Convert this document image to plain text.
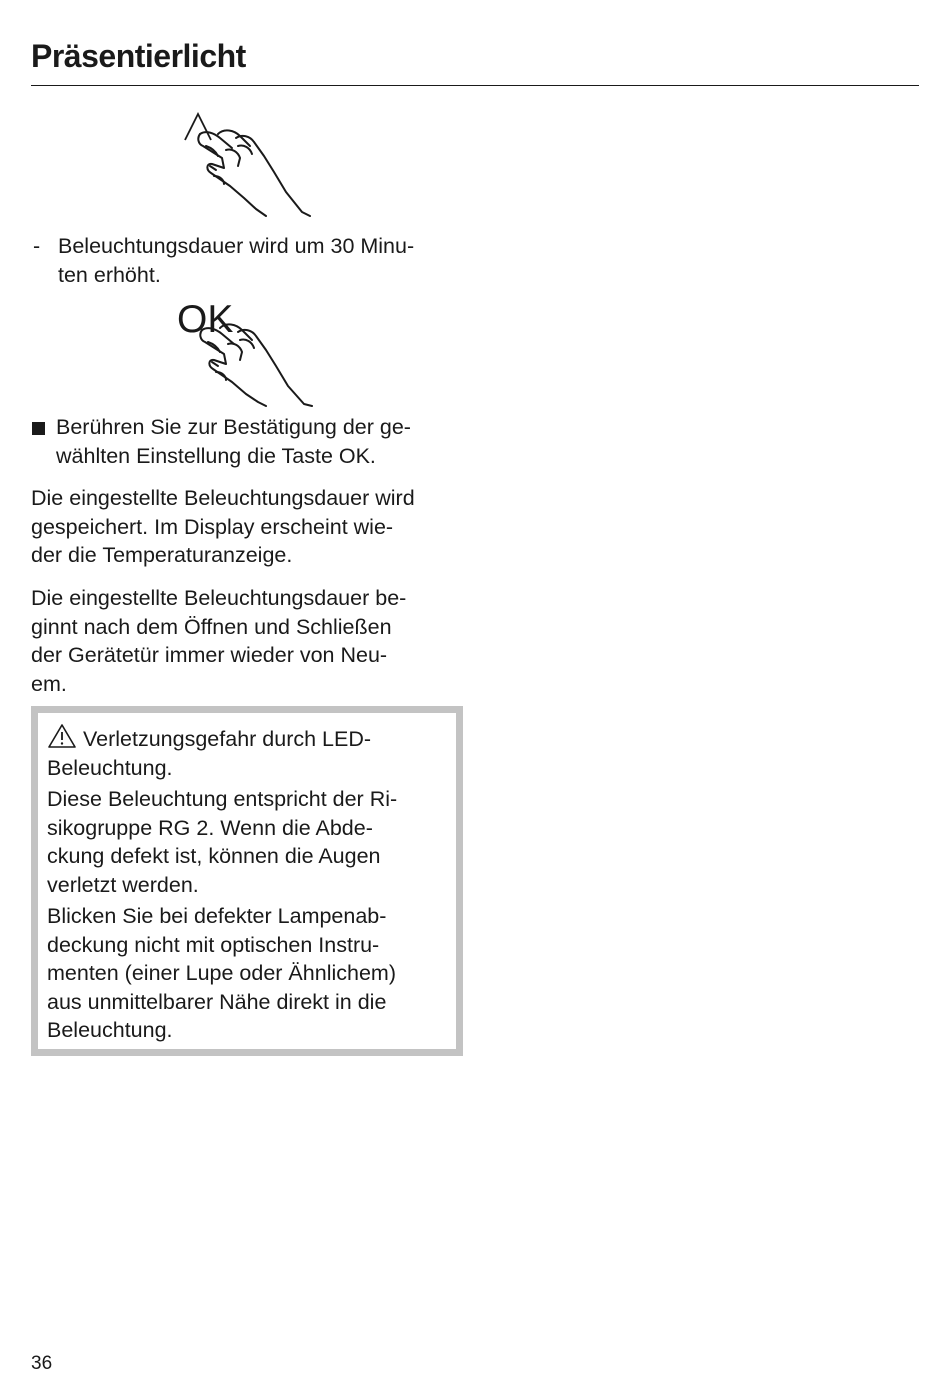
Präsentierlicht
- Beleuchtungsdauer wird um 30 Minu-
ten erhöht.
OK
Berühren Sie zur Bestätigung der ge-
wählten Einstellung die Taste OK.
Die eingestellte Beleuchtungsdauer wird
gespeichert. Im Display erscheint wie-
der die Temperaturanzeige.
Die eingestellte Beleuchtungsdauer be-
ginnt nach dem Öffnen und Schließen
der Gerätetür immer wieder von Neu-
em.

Verletzungsgefahr durch LED-
Beleuchtung.

Diese Beleuchtung entspricht der Ri-
sikogruppe RG 2. Wenn die Abde-
ckung defekt ist, können die Augen
verletzt werden.

Blicken Sie bei defekter Lampenab-
deckung nicht mit optischen Instru-
menten (einer Lupe oder Ähnlichem)
aus unmittelbarer Nähe direkt in die
Beleuchtung.

36
